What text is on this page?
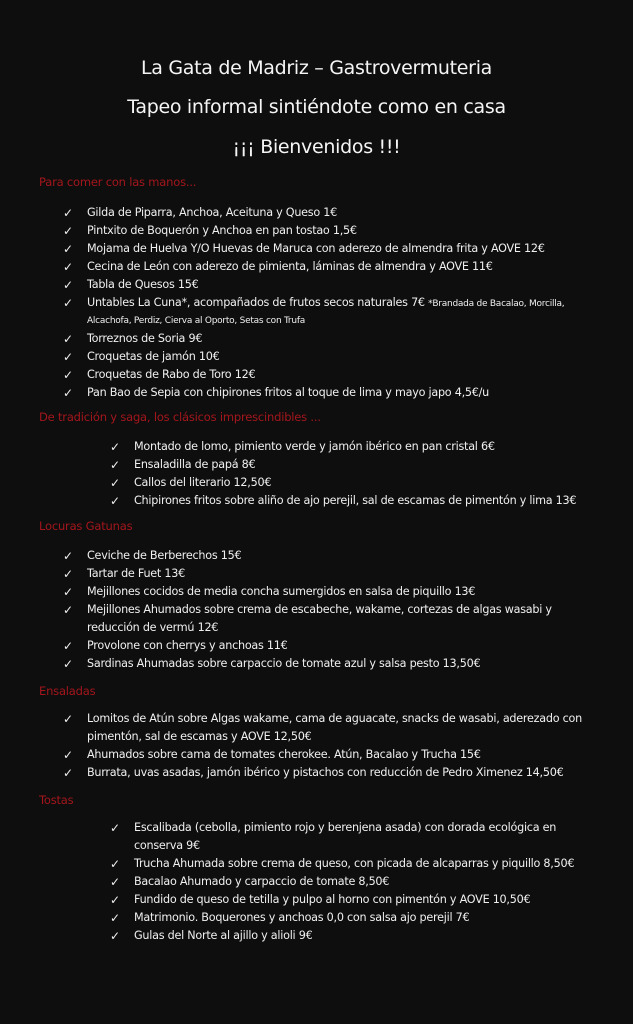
La Gata de Madriz – Gastrovermuteria
Tapeo informal sintiéndote como en casa
¡¡¡ Bienvenidos !!!
Para comer con las manos...
✓ Gilda de Piparra, Anchoa, Aceituna y Queso 1€
✓ Pintxito de Boquerón y Anchoa en pan tostao 1,5€
✓ Mojama de Huelva Y/O Huevas de Maruca con aderezo de almendra frita y AOVE 12€
✓ Cecina de León con aderezo de pimienta, láminas de almendra y AOVE 11€
✓ Tabla de Quesos 15€
✓ Untables La Cuna*, acompañados de frutos secos naturales 7€ *Brandada de Bacalao, Morcilla, Alcachofa, Perdiz, Cierva al Oporto, Setas con Trufa
✓ Torreznos de Soria 9€
✓ Croquetas de jamón 10€
✓ Croquetas de Rabo de Toro 12€
✓ Pan Bao de Sepia con chipirones fritos al toque de lima y mayo japo 4,5€/u
De tradición y saga, los clásicos imprescindibles ...
✓ Montado de lomo, pimiento verde y jamón ibérico en pan cristal 6€
✓ Ensaladilla de papá 8€
✓ Callos del literario 12,50€
✓ Chipirones fritos sobre aliño de ajo perejil, sal de escamas de pimentón y lima 13€
Locuras Gatunas
✓ Ceviche de Berberechos 15€
✓ Tartar de Fuet 13€
✓ Mejillones cocidos de media concha sumergidos en salsa de piquillo 13€
✓ Mejillones Ahumados sobre crema de escabeche, wakame, cortezas de algas wasabi y reducción de vermú 12€
✓ Provolone con cherrys y anchoas 11€
✓ Sardinas Ahumadas sobre carpaccio de tomate azul y salsa pesto 13,50€
Ensaladas
✓ Lomitos de Atún sobre Algas wakame, cama de aguacate, snacks de wasabi, aderezado con pimentón, sal de escamas y AOVE 12,50€
✓ Ahumados sobre cama de tomates cherokee. Atún, Bacalao y Trucha 15€
✓ Burrata, uvas asadas, jamón ibérico y pistachos con reducción de Pedro Ximenez 14,50€
Tostas
✓ Escalibada (cebolla, pimiento rojo y berenjena asada) con dorada ecológica en conserva 9€
✓ Trucha Ahumada sobre crema de queso, con picada de alcaparras y piquillo 8,50€
✓ Bacalao Ahumado y carpaccio de tomate 8,50€
✓ Fundido de queso de tetilla y pulpo al horno con pimentón y AOVE 10,50€
✓ Matrimonio. Boquerones y anchoas 0,0 con salsa ajo perejil 7€
✓ Gulas del Norte al ajillo y alioli 9€
